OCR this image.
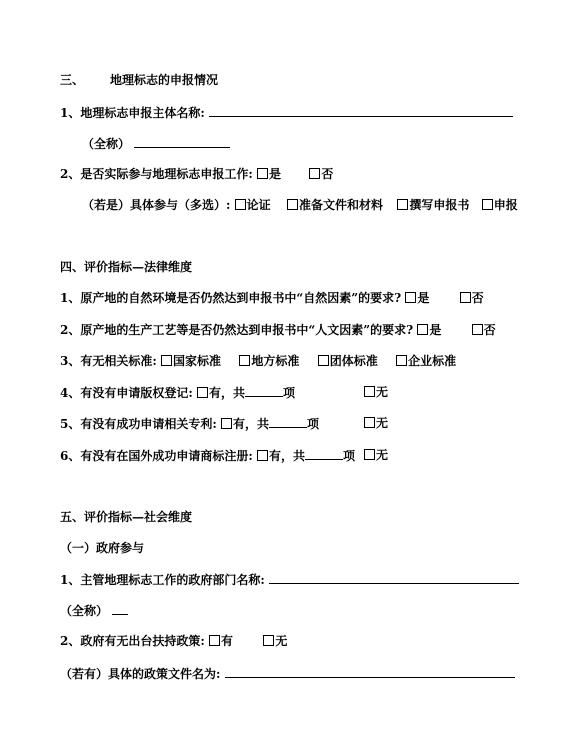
三、 地理标志的申报情况
1、地理标志申报主体名称:
（全称）
2、是否实际参与地理标志申报工作: 是	否
（若是）具体参与（多选）: 论证 准备文件和材料 撰写申报书 申报
四、评价指标—法律维度
1、原产地的自然环境是否仍然达到申报书中“自然因素”的要求? 是	否
2、原产地的生产工艺等是否仍然达到申报书中“人文因素”的要求? 是	否
3、有无相关标准: 国家标准	地方标准	团体标准	企业标准
4、有没有申请版权登记: 有，共	项	无
5、有没有成功申请相关专利: 有，共	项	无
6、有没有在国外成功申请商标注册: 有，共	项	无
五、评价指标—社会维度
（一）政府参与
1、主管地理标志工作的政府部门名称:
（全称）
2、政府有无出台扶持政策: 有	无
（若有）具体的政策文件名为:
